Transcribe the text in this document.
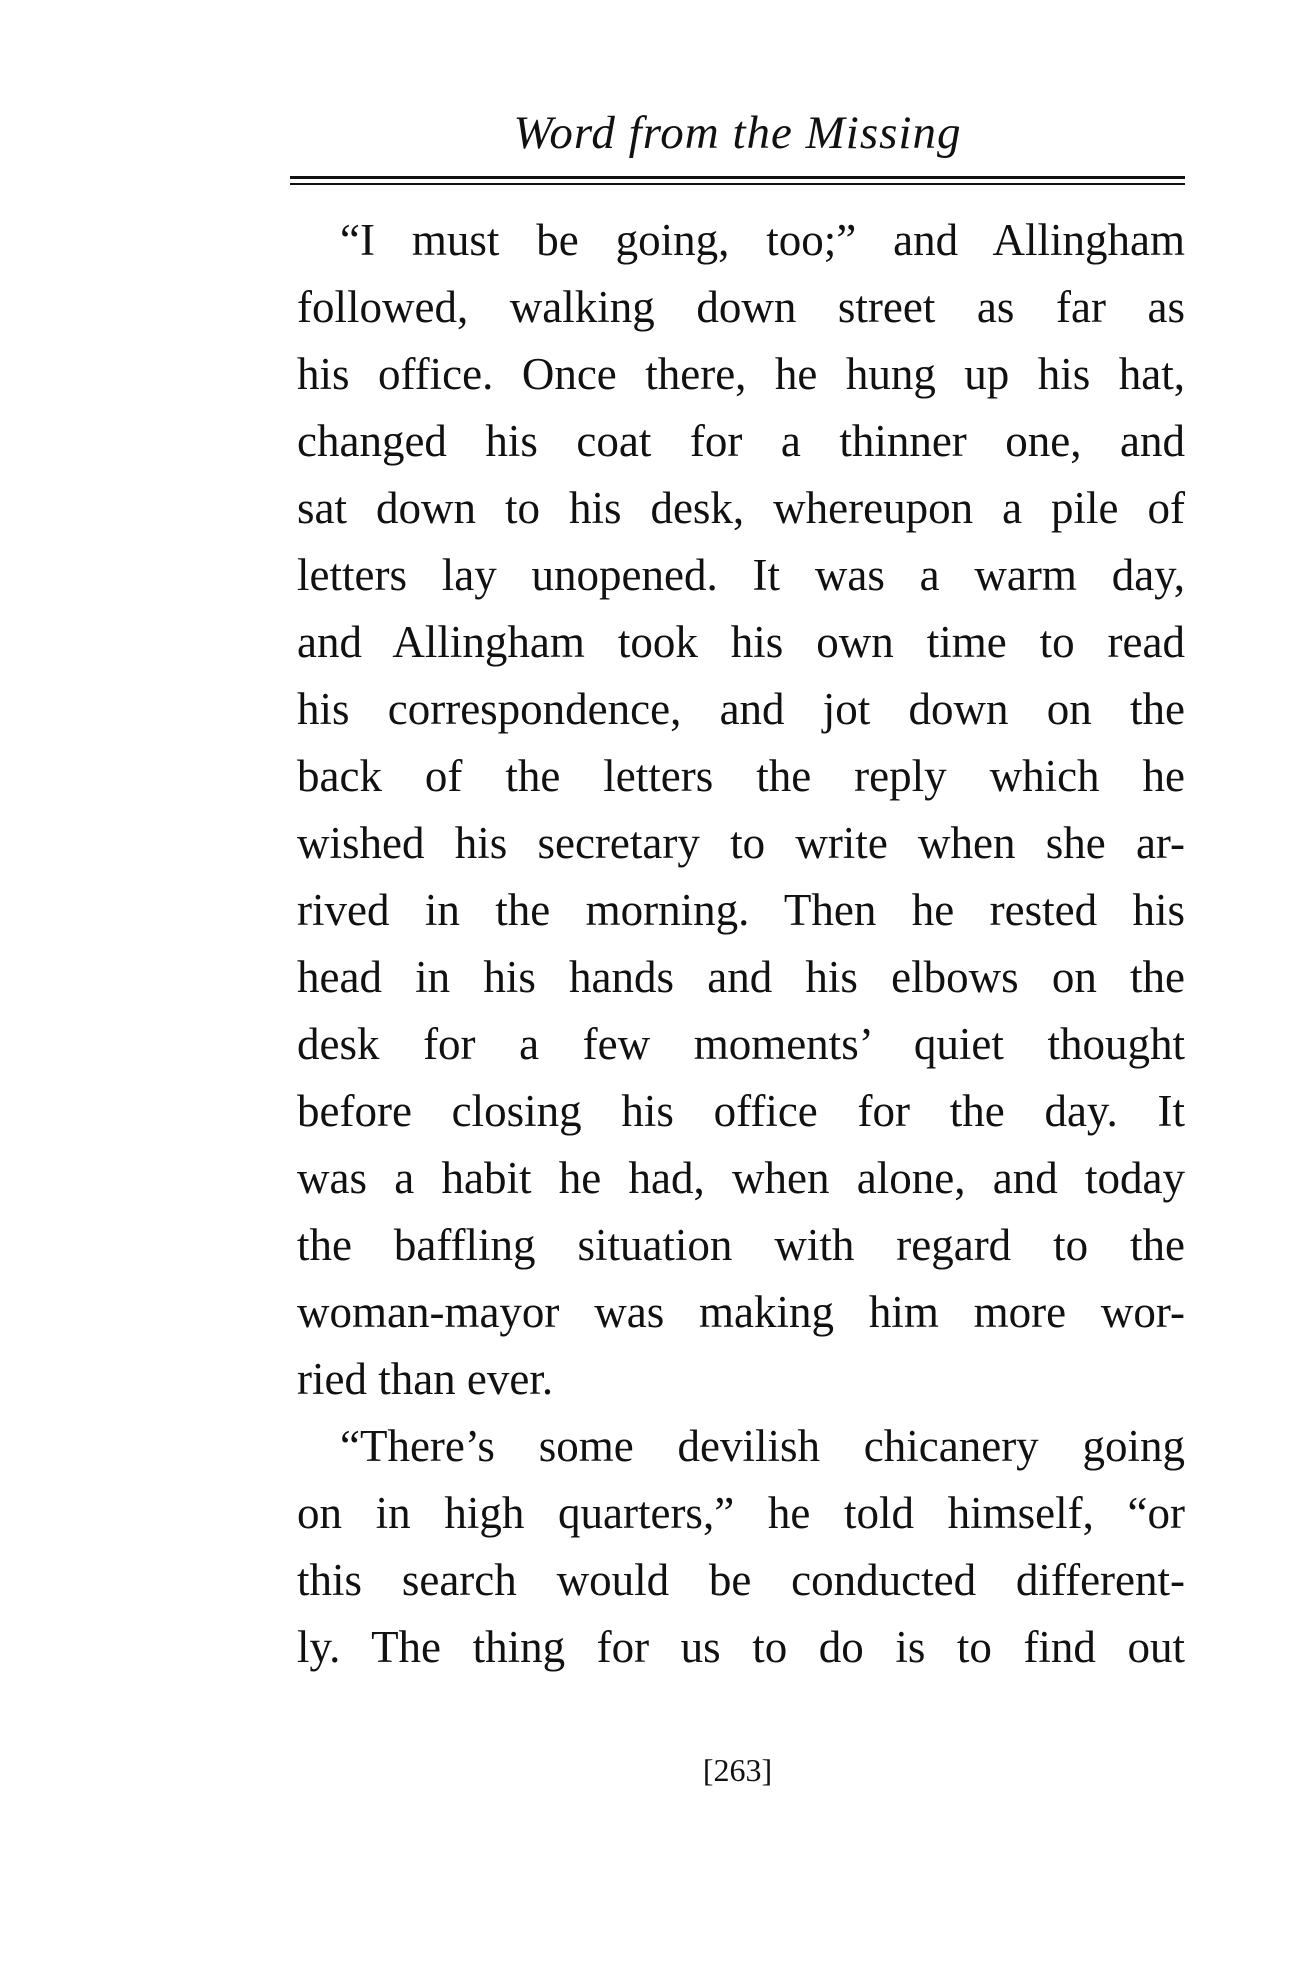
Word from the Missing
“I must be going, too;” and Allingham
followed, walking down street as far as
his office. Once there, he hung up his hat,
changed his coat for a thinner one, and
sat down to his desk, whereupon a pile of
letters lay unopened. It was a warm day,
and Allingham took his own time to read
his correspondence, and jot down on the
back of the letters the reply which he
wished his secretary to write when she ar-
rived in the morning. Then he rested his
head in his hands and his elbows on the
desk for a few moments’ quiet thought
before closing his office for the day. It
was a habit he had, when alone, and today
the baffling situation with regard to the
woman-mayor was making him more wor-
ried than ever.
“There’s some devilish chicanery going
on in high quarters,” he told himself, “or
this search would be conducted different-
ly. The thing for us to do is to find out
[263]
